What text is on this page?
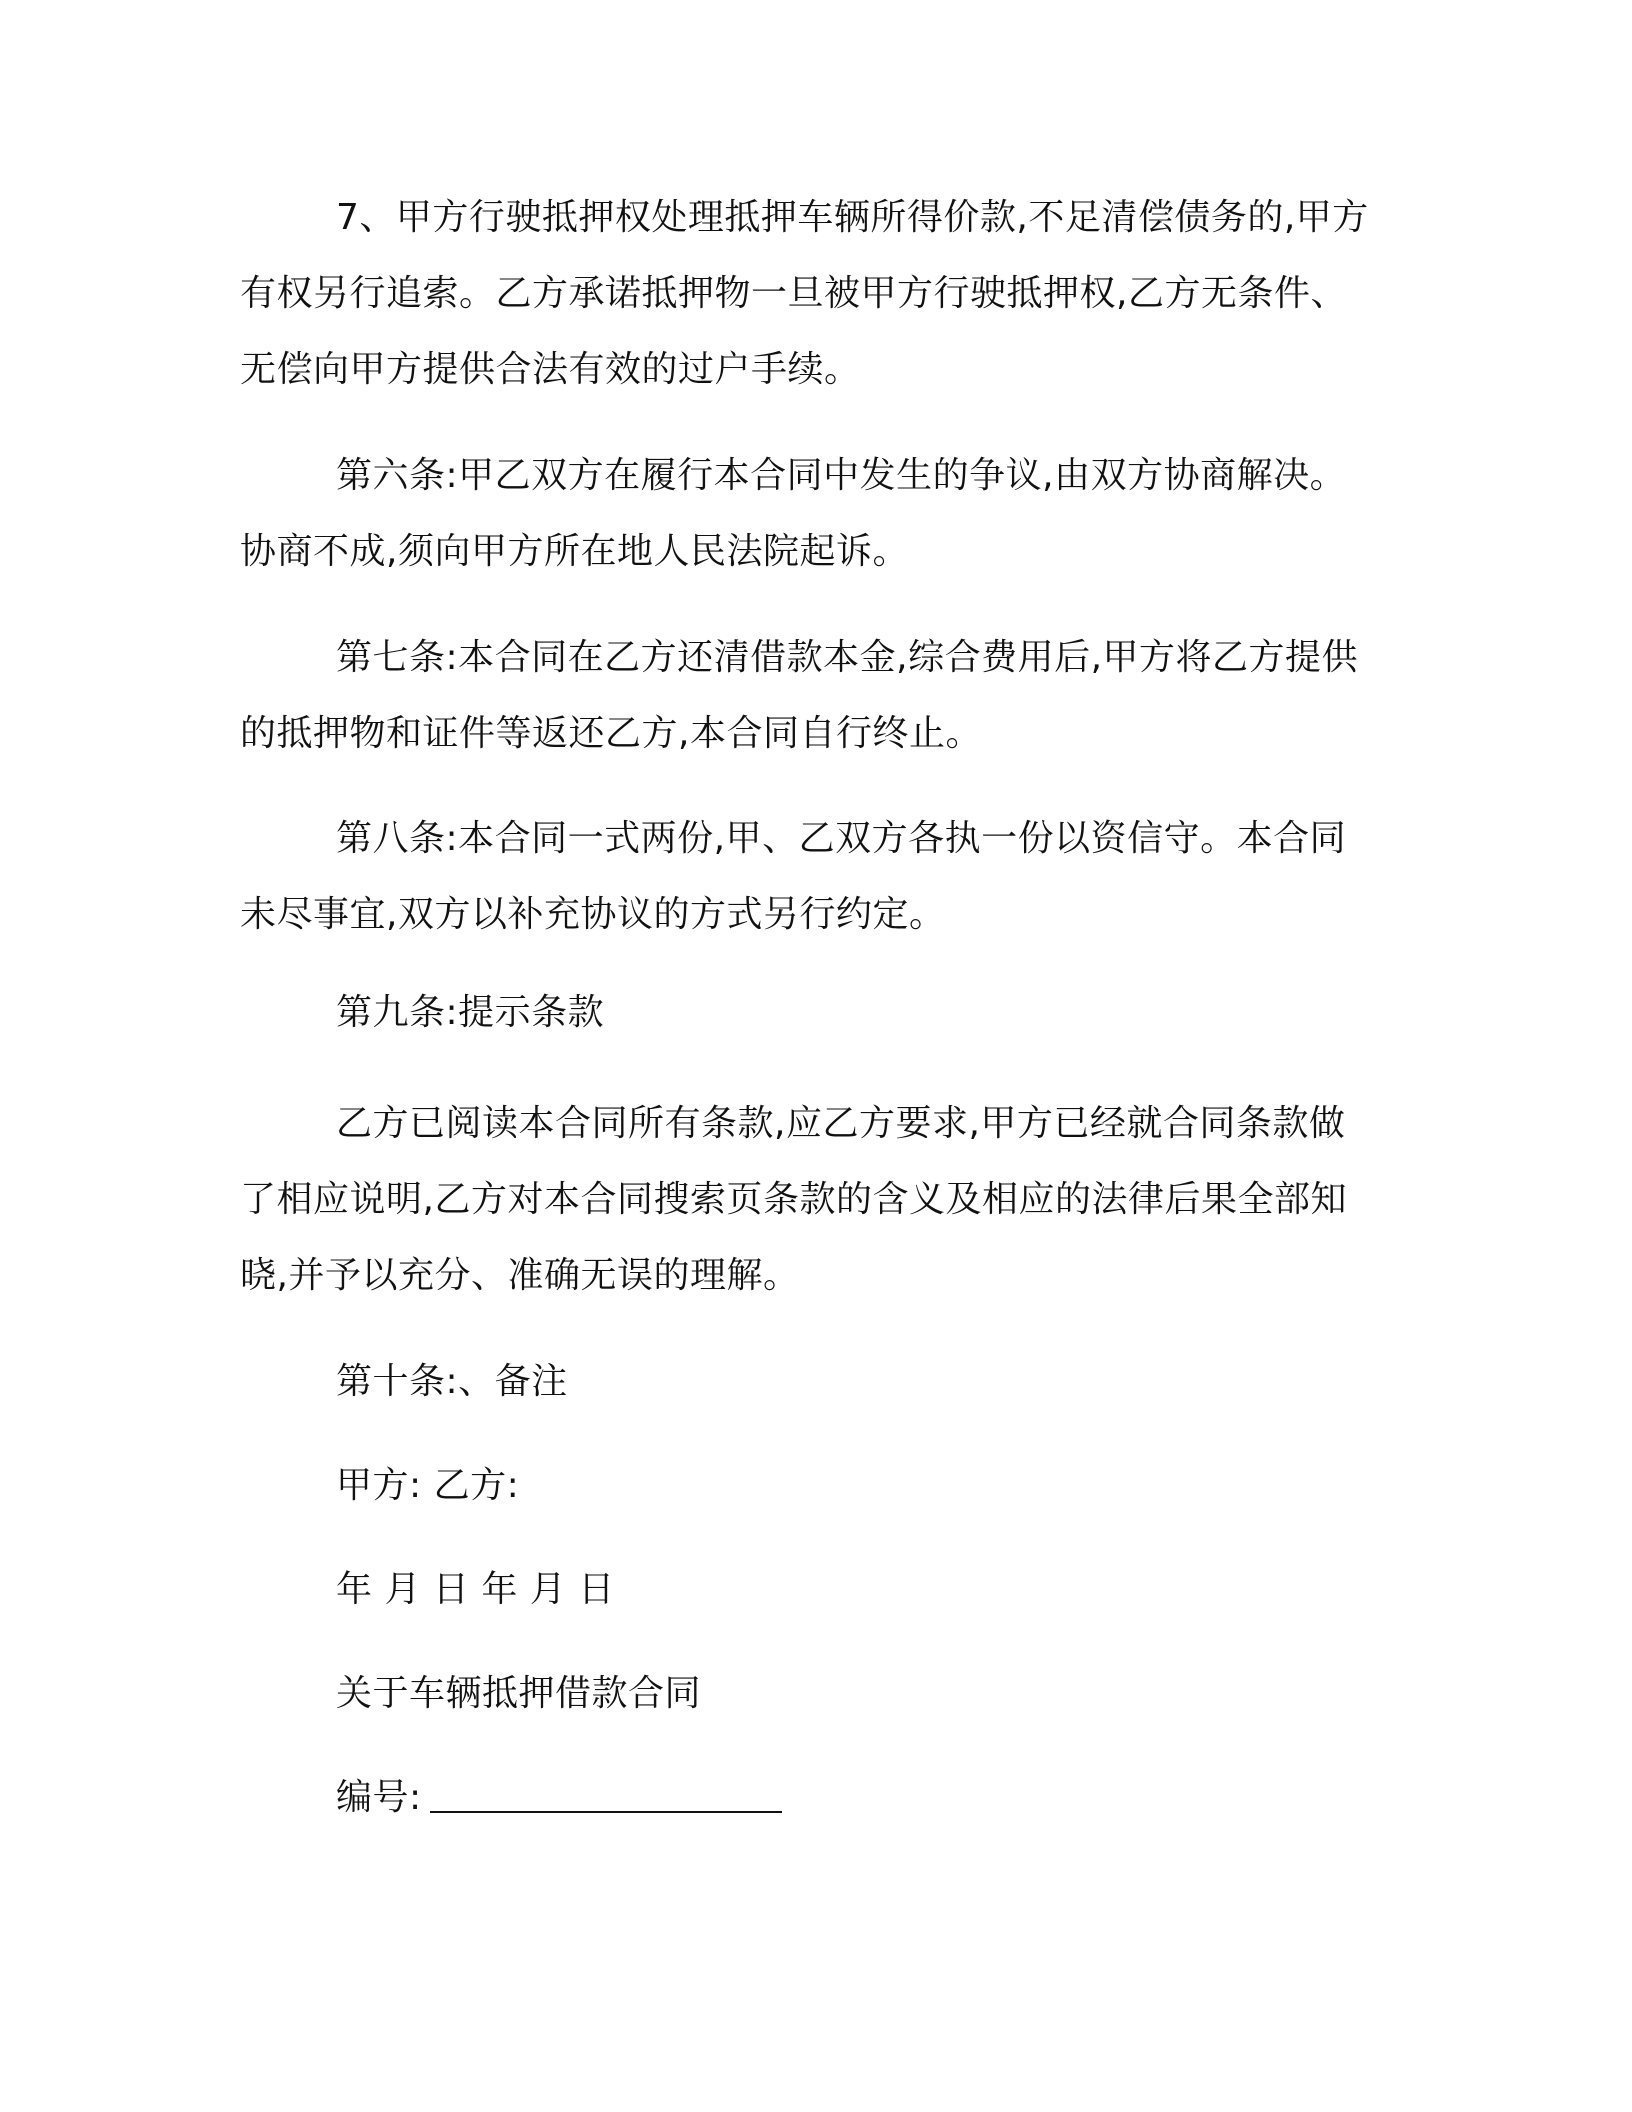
7、甲方行驶抵押权处理抵押车辆所得价款,不足清偿债务的,甲方
有权另行追索。乙方承诺抵押物一旦被甲方行驶抵押权,乙方无条件、
无偿向甲方提供合法有效的过户手续。
第六条:甲乙双方在履行本合同中发生的争议,由双方协商解决。
协商不成,须向甲方所在地人民法院起诉。
第七条:本合同在乙方还清借款本金,综合费用后,甲方将乙方提供
的抵押物和证件等返还乙方,本合同自行终止。
第八条:本合同一式两份,甲、乙双方各执一份以资信守。本合同
未尽事宜,双方以补充协议的方式另行约定。

第九条:提示条款

乙方已阅读本合同所有条款,应乙方要求,甲方已经就合同条款做
了相应说明,乙方对本合同搜索页条款的含义及相应的法律后果全部知
晓,并予以充分、准确无误的理解。

第十条:、备注

甲方: 乙方:

年 月 日 年 月 日

关于车辆抵押借款合同

编号:
